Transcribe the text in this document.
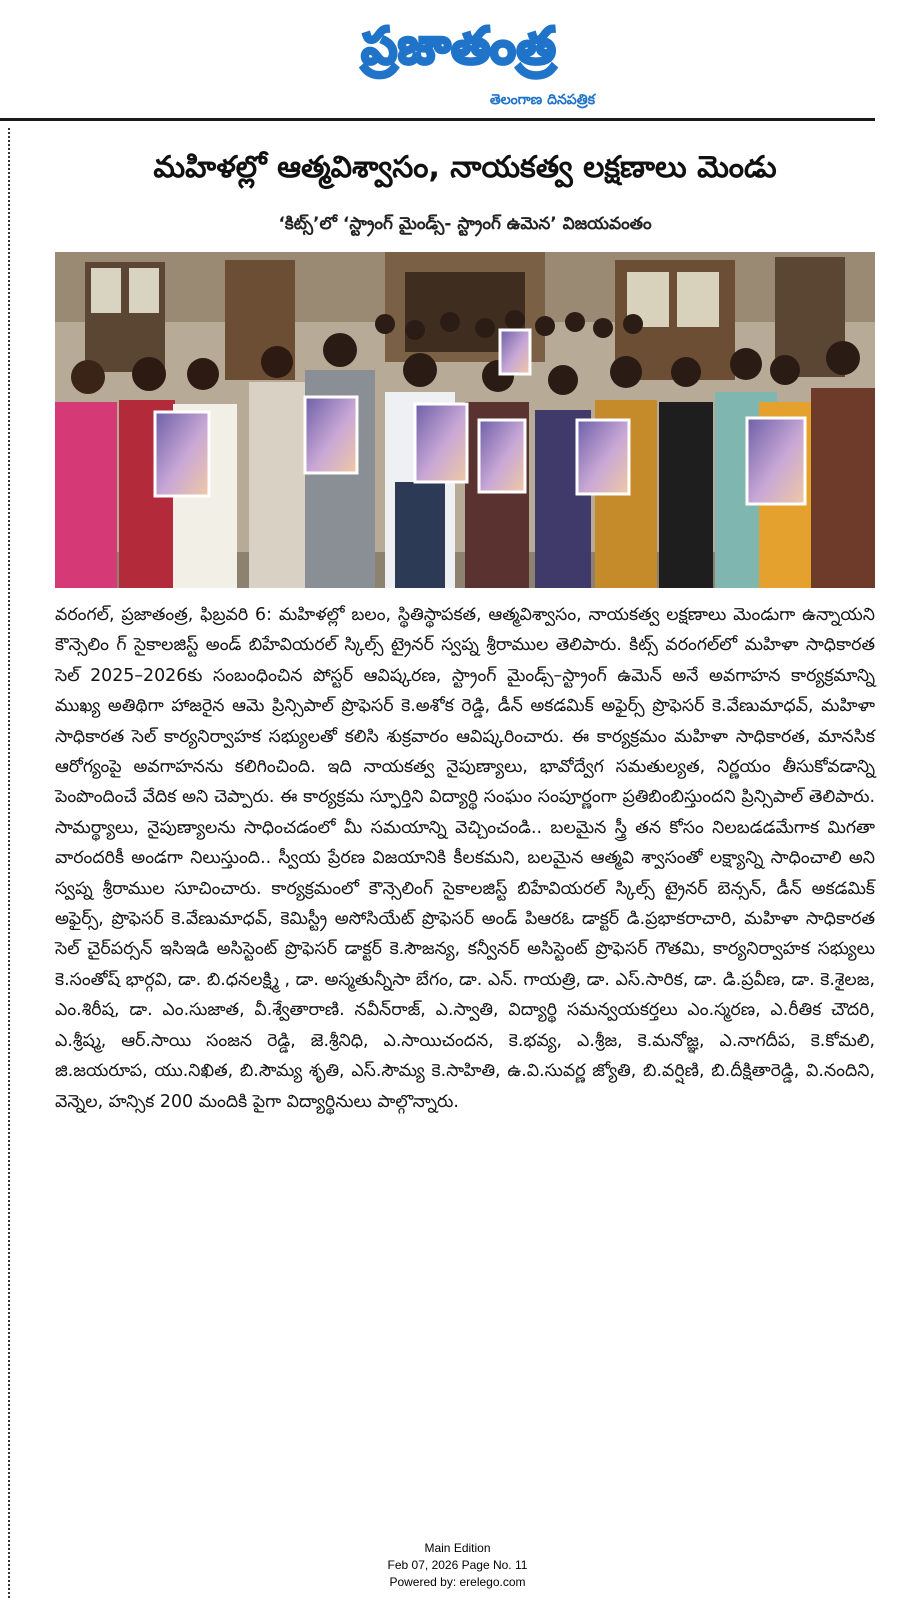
ప్రజాతంత్ర
తెలంగాణ దినపత్రిక
మహిళల్లో ఆత్మవిశ్వాసం, నాయకత్వ లక్షణాలు మెండు
‘కిట్స్’లో ‘స్ట్రాంగ్ మైండ్స్- స్ట్రాంగ్ ఉమెన’ విజయవంతం

వరంగల్, ప్రజాతంత్ర, ఫిబ్రవరి 6: మహిళల్లో బలం, స్థితిస్థాపకత, ఆత్మవిశ్వాసం, నాయకత్వ లక్షణాలు మెండుగా ఉన్నాయని కౌన్సెలిం గ్ సైకాలజిస్ట్ అండ్ బిహేవియరల్ స్కిల్స్ ట్రైనర్ స్వప్న శ్రీరాముల తెలిపారు. కిట్స్ వరంగల్‌లో మహిళా సాధికారత సెల్ 2025–2026కు సంబంధించిన పోస్టర్ ఆవిష్కరణ, స్ట్రాంగ్ మైండ్స్–స్ట్రాంగ్ ఉమెన్ అనే అవగాహన కార్యక్రమాన్ని ముఖ్య అతిథిగా హాజరైన ఆమె ప్రిన్సిపాల్ ప్రొఫెసర్ కె.అశోక రెడ్డి, డీన్ అకడమిక్ అఫైర్స్ ప్రొఫెసర్ కె.వేణుమాధవ్, మహిళా సాధికారత సెల్ కార్యనిర్వాహక సభ్యులతో కలిసి శుక్రవారం ఆవిష్కరించారు. ఈ కార్యక్రమం మహిళా సాధికారత, మానసిక ఆరోగ్యంపై అవగాహనను కలిగించింది. ఇది నాయకత్వ నైపుణ్యాలు, భావోద్వేగ సమతుల్యత, నిర్ణయం తీసుకోవడాన్ని పెంపొందించే వేదిక అని చెప్పారు. ఈ కార్యక్రమ స్ఫూర్తిని విద్యార్థి సంఘం సంపూర్ణంగా ప్రతిబింబిస్తుందని ప్రిన్సిపాల్ తెలిపారు. సామర్థ్యాలు, నైపుణ్యాలను సాధించడంలో మీ సమయాన్ని వెచ్చించండి.. బలమైన స్త్రీ తన కోసం నిలబడడమేగాక మిగతా వారందరికీ అండగా నిలుస్తుంది.. స్వీయ ప్రేరణ విజయానికి కీలకమని, బలమైన ఆత్మవి శ్వాసంతో లక్ష్యాన్ని సాధించాలి అని స్వప్న శ్రీరాముల సూచించారు. కార్యక్రమంలో కౌన్సెలింగ్ సైకాలజిస్ట్ బిహేవియరల్ స్కిల్స్ ట్రైనర్ బెన్సన్, డీన్ అకడమిక్ అఫైర్స్, ప్రొఫెసర్ కె.వేణుమాధవ్, కెమిస్ట్రీ అసోసియేట్ ప్రొఫెసర్ అండ్ పిఆరఓ డాక్టర్ డి.ప్రభాకరాచారి, మహిళా సాధికారత సెల్ చైర్‌పర్సన్ ఇసిఇడి అసిస్టెంట్ ప్రొఫెసర్ డాక్టర్ కె.సౌజన్య, కన్వీనర్ అసిస్టెంట్ ప్రొఫెసర్ గౌతమి, కార్యనిర్వాహక సభ్యులు కె.సంతోష్ భార్గవి, డా. బి.ధనలక్ష్మి , డా. అస్మతున్నీసా బేగం, డా. ఎన్. గాయత్రి, డా. ఎస్.సారిక, డా. డి.ప్రవీణ, డా. కె.శైలజ, ఎం.శిరీష, డా. ఎం.సుజాత, వీ.శ్వేతారాణి. నవీన్‌రాజ్, ఎ.స్వాతి, విద్యార్థి సమన్వయకర్తలు ఎం.స్మరణ, ఎ.రీతిక చౌదరి, ఎ.శ్రీష్మ, ఆర్.సాయి సంజన రెడ్డి, జె.శ్రీనిధి, ఎ.సాయిచందన, కె.భవ్య, ఎ.శ్రీజ, కె.మనోజ్ఞ, ఎ.నాగదీప, కె.కోమలి, జి.జయరూప, యు.నిఖిత, బి.సౌమ్య శృతి, ఎస్.సౌమ్య కె.సాహితి, ఉ.వి.సువర్ణ జ్యోతి, బి.వర్షిణి, బి.దీక్షితారెడ్డి, వి.నందిని, వెన్నెల, హన్సిక 200 మందికి పైగా విద్యార్థినులు పాల్గొన్నారు.

Main Edition
Feb 07, 2026 Page No. 11
Powered by: erelego.com
